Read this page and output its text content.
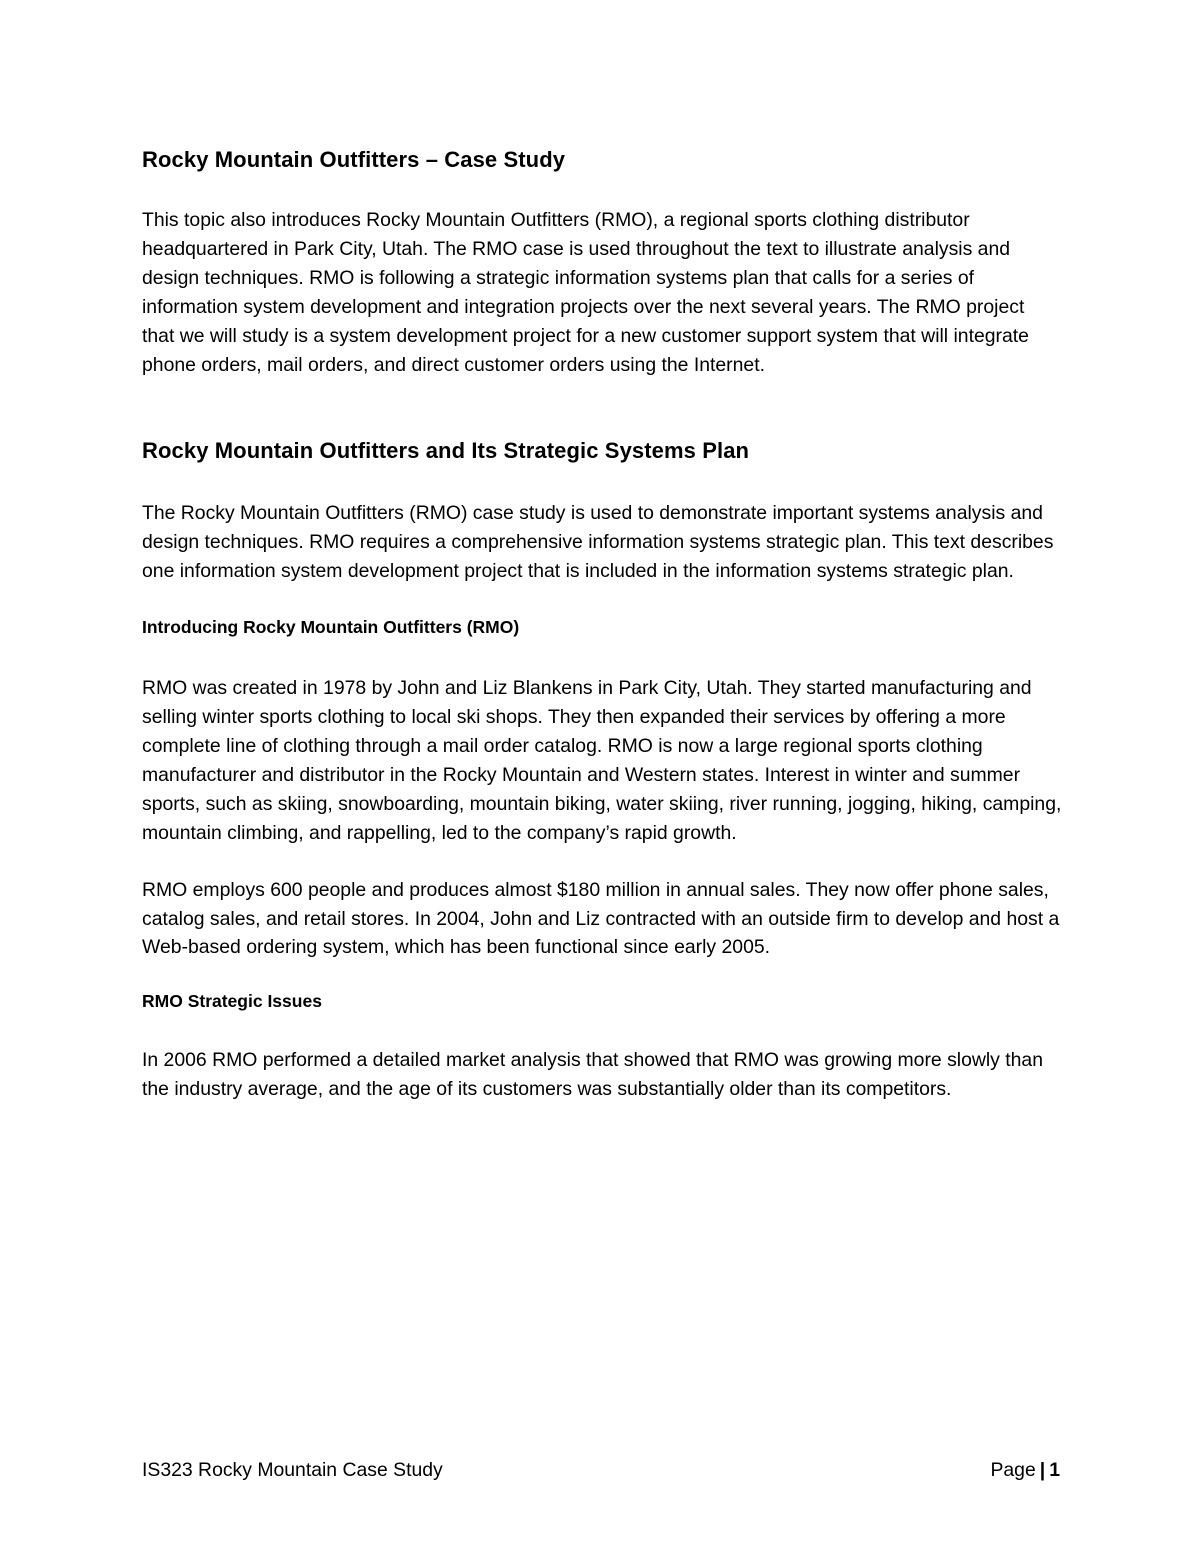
Rocky Mountain Outfitters – Case Study

This topic also introduces Rocky Mountain Outfitters (RMO), a regional sports clothing distributor headquartered in Park City, Utah. The RMO case is used throughout the text to illustrate analysis and design techniques. RMO is following a strategic information systems plan that calls for a series of information system development and integration projects over the next several years. The RMO project that we will study is a system development project for a new customer support system that will integrate phone orders, mail orders, and direct customer orders using the Internet.

Rocky Mountain Outfitters and Its Strategic Systems Plan

The Rocky Mountain Outfitters (RMO) case study is used to demonstrate important systems analysis and design techniques. RMO requires a comprehensive information systems strategic plan. This text describes one information system development project that is included in the information systems strategic plan.

Introducing Rocky Mountain Outfitters (RMO)

RMO was created in 1978 by John and Liz Blankens in Park City, Utah. They started manufacturing and selling winter sports clothing to local ski shops. They then expanded their services by offering a more complete line of clothing through a mail order catalog. RMO is now a large regional sports clothing manufacturer and distributor in the Rocky Mountain and Western states. Interest in winter and summer sports, such as skiing, snowboarding, mountain biking, water skiing, river running, jogging, hiking, camping, mountain climbing, and rappelling, led to the company’s rapid growth.

RMO employs 600 people and produces almost $180 million in annual sales. They now offer phone sales, catalog sales, and retail stores. In 2004, John and Liz contracted with an outside firm to develop and host a Web-based ordering system, which has been functional since early 2005.

RMO Strategic Issues

In 2006 RMO performed a detailed market analysis that showed that RMO was growing more slowly than the industry average, and the age of its customers was substantially older than its competitors.

IS323 Rocky Mountain Case Study	Page | 1
